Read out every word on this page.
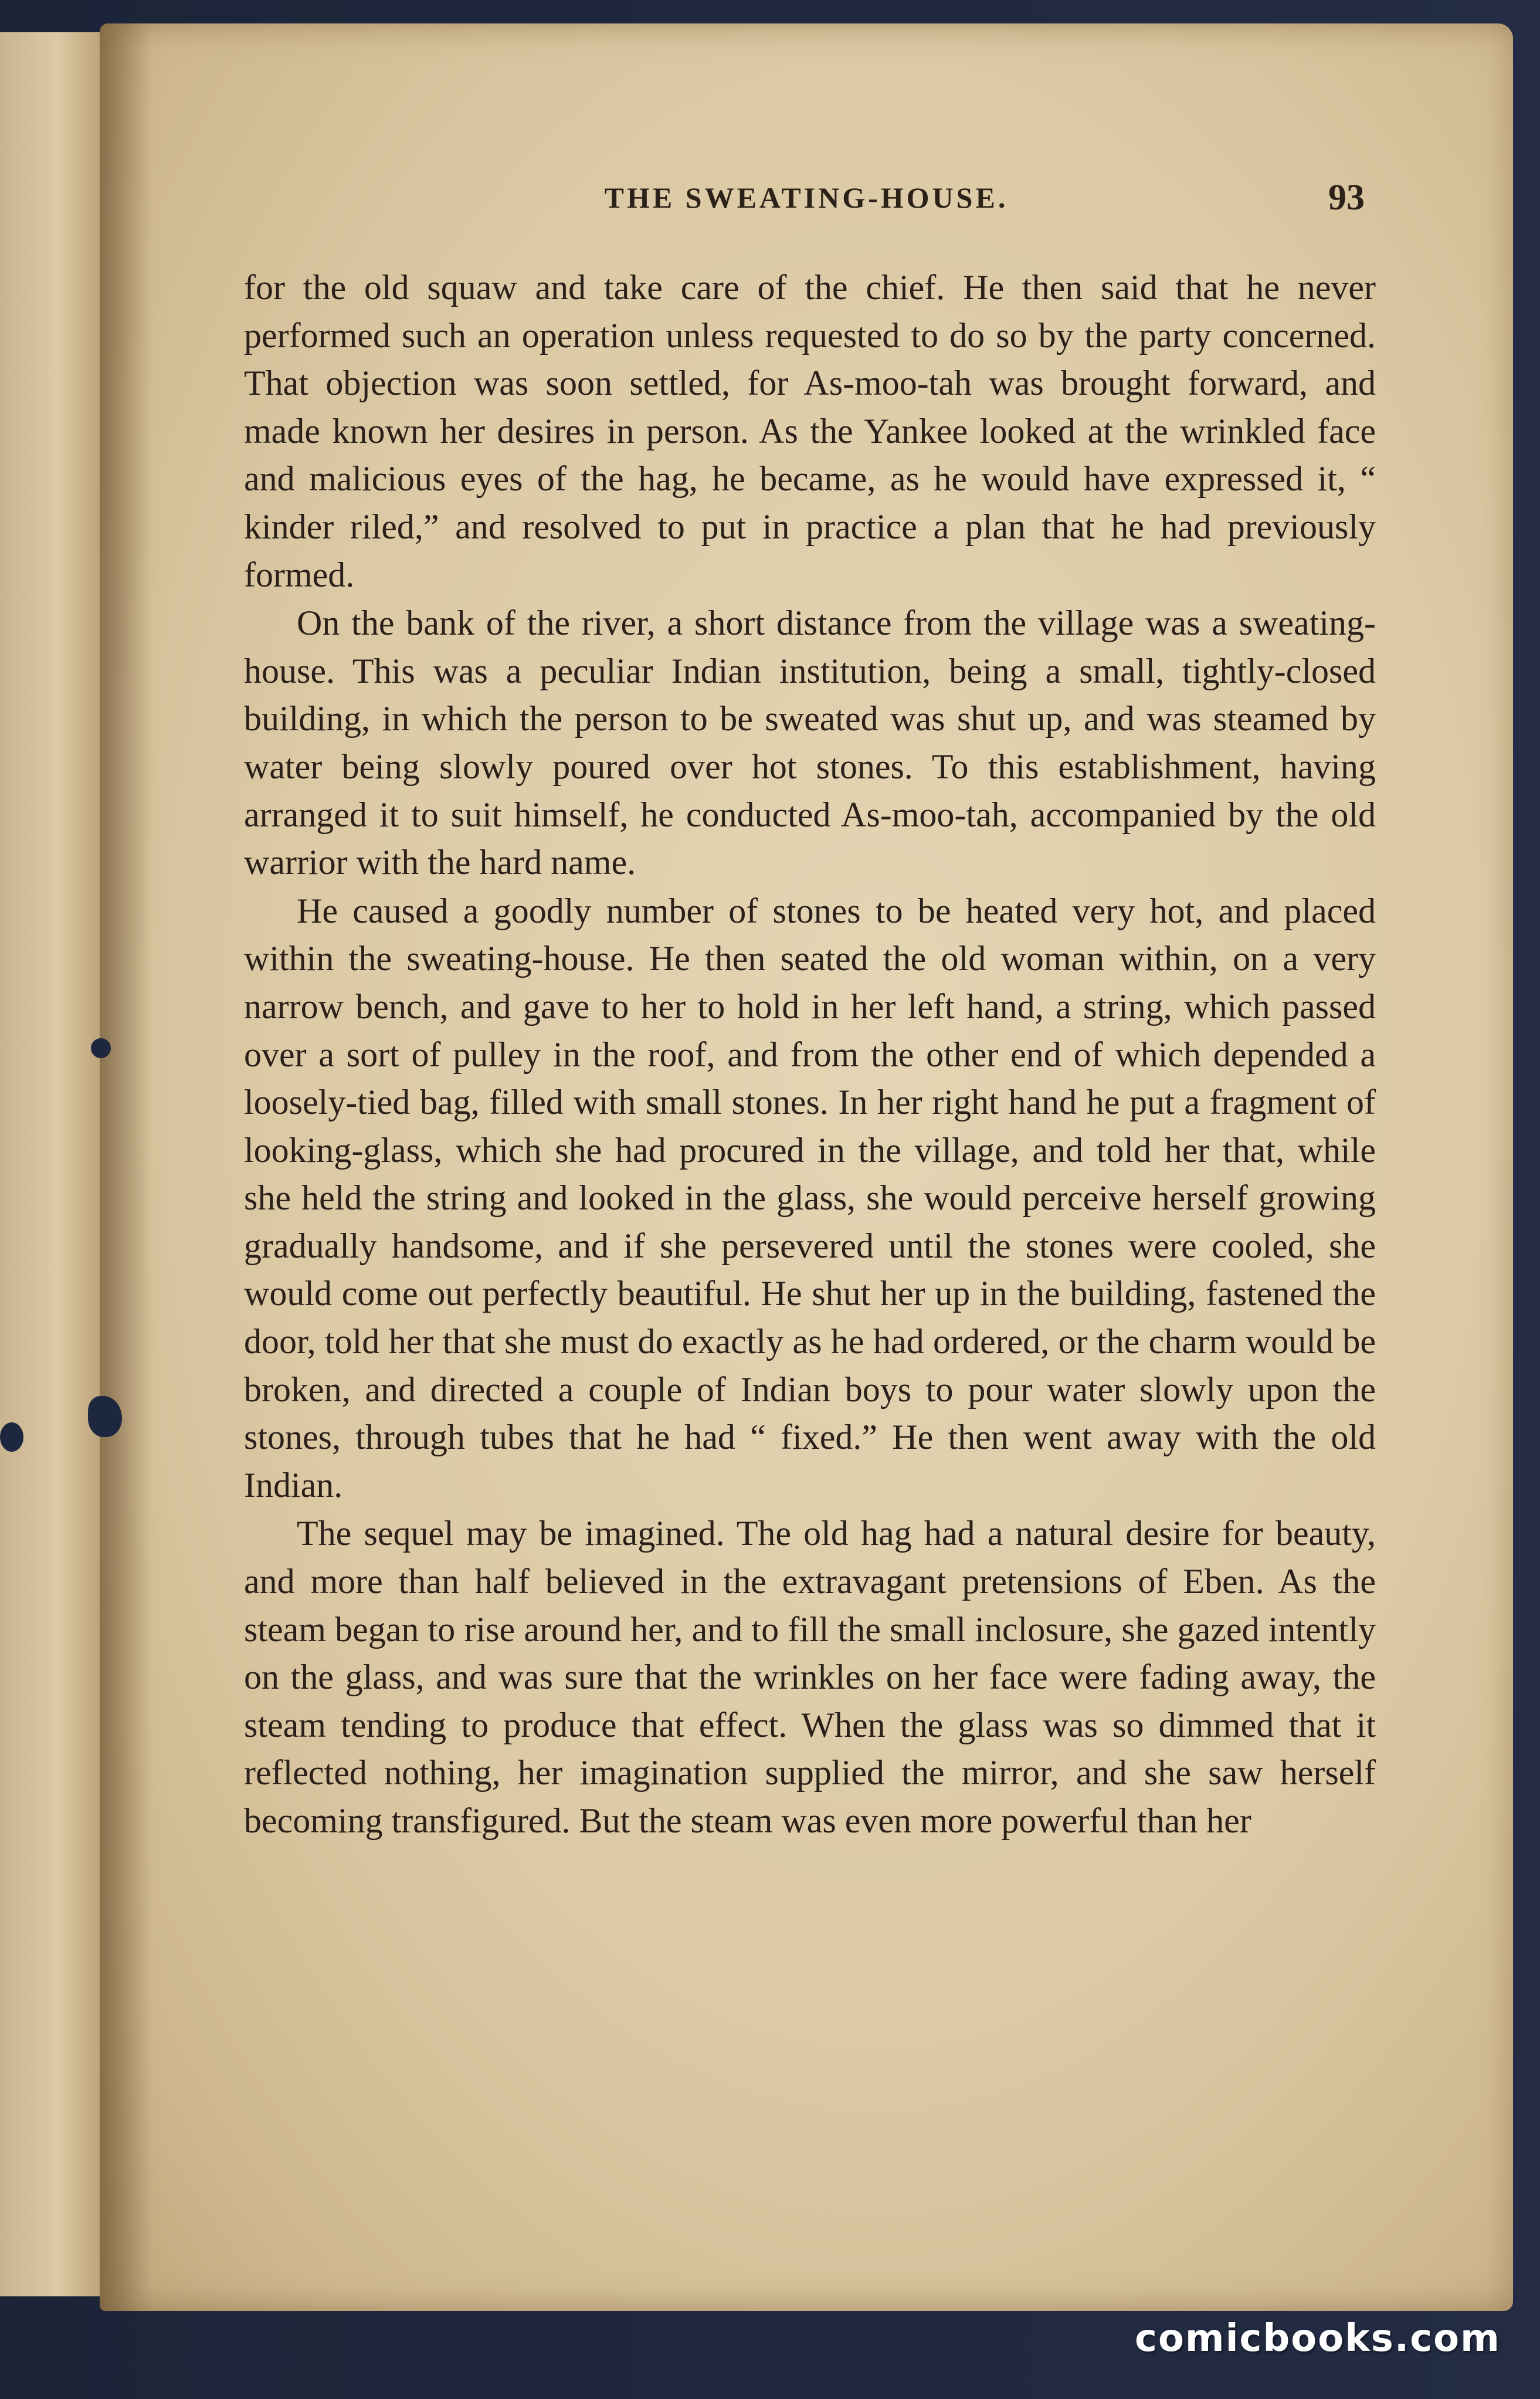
THE SWEATING-HOUSE.	93

for the old squaw and take care of the chief. He then said that he never performed such an operation unless requested to do so by the party concerned. That objection was soon settled, for As-moo-tah was brought forward, and made known her desires in person. As the Yankee looked at the wrinkled face and malicious eyes of the hag, he became, as he would have expressed it, “ kinder riled,” and resolved to put in practice a plan that he had previously formed.

On the bank of the river, a short distance from the village was a sweating-house. This was a peculiar Indian institution, being a small, tightly-closed building, in which the person to be sweated was shut up, and was steamed by water being slowly poured over hot stones. To this establishment, having arranged it to suit himself, he conducted As-moo-tah, accompanied by the old warrior with the hard name.

He caused a goodly number of stones to be heated very hot, and placed within the sweating-house. He then seated the old woman within, on a very narrow bench, and gave to her to hold in her left hand, a string, which passed over a sort of pulley in the roof, and from the other end of which depended a loosely-tied bag, filled with small stones. In her right hand he put a fragment of looking-glass, which she had procured in the village, and told her that, while she held the string and looked in the glass, she would perceive herself growing gradually handsome, and if she persevered until the stones were cooled, she would come out perfectly beautiful. He shut her up in the building, fastened the door, told her that she must do exactly as he had ordered, or the charm would be broken, and directed a couple of Indian boys to pour water slowly upon the stones, through tubes that he had “ fixed.” He then went away with the old Indian.

The sequel may be imagined. The old hag had a natural desire for beauty, and more than half believed in the extravagant pretensions of Eben. As the steam began to rise around her, and to fill the small inclosure, she gazed intently on the glass, and was sure that the wrinkles on her face were fading away, the steam tending to produce that effect. When the glass was so dimmed that it reflected nothing, her imagination supplied the mirror, and she saw herself becoming transfigured. But the steam was even more powerful than her

comicbooks.com
